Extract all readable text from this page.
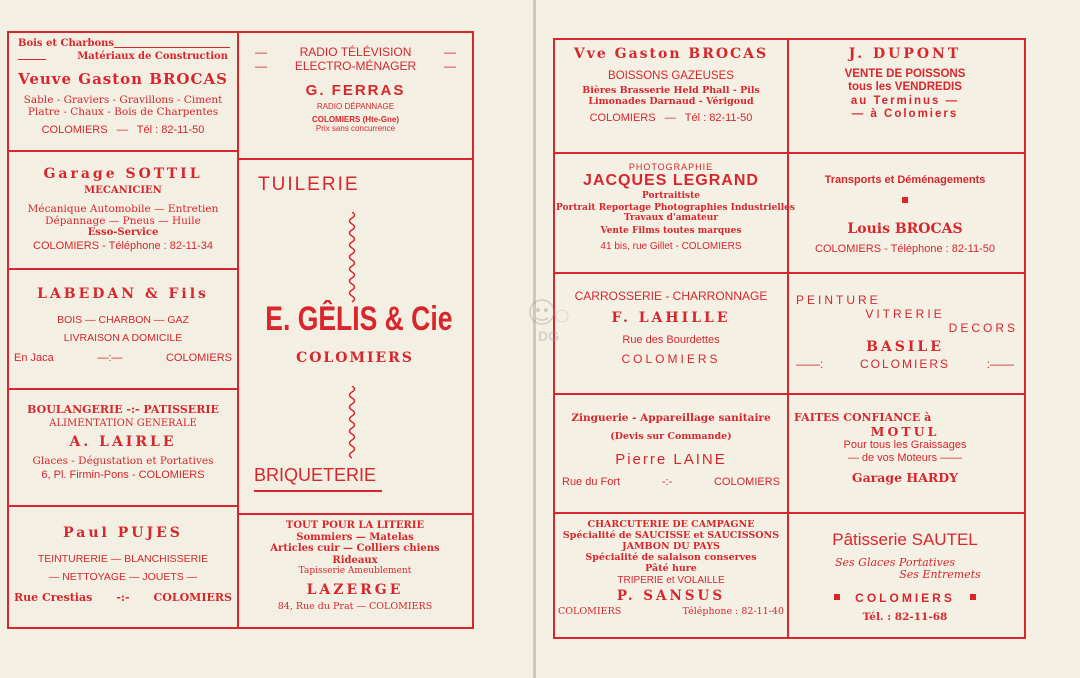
Bois et Charbons
Matériaux de Construction
Veuve Gaston BROCAS
Sable - Graviers - Gravillons - Ciment
Platre - Chaux - Bois de Charpentes
COLOMIERS   —   Tél : 82-11-50
—	RADIO TÉLÉVISION	—
— ELECTRO-MÉNAGER —
G. FERRAS
RADIO DÉPANNAGE
COLOMIERS (Hte-Gne)
Prix sans concurrence
Garage SOTTIL
MECANICIEN
Mécanique Automobile — Entretien
Dépannage — Pneus — Huile
Esso-Service
COLOMIERS - Téléphone : 82-11-34
TUILERIE
E. GÊLIS & Cie
COLOMIERS
BRIQUETERIE
LABEDAN & Fils
BOIS — CHARBON — GAZ
LIVRAISON A DOMICILE
En Jaca	—:—	COLOMIERS
BOULANGERIE -:- PATISSERIE
ALIMENTATION GENERALE
A. LAIRLE
Glaces - Dégustation et Portatives
6, Pl. Firmin-Pons - COLOMIERS
Paul PUJES
TEINTURERIE — BLANCHISSERIE
— NETTOYAGE — JOUETS —
Rue Crestias -:- COLOMIERS
TOUT POUR LA LITERIE
Sommiers — Matelas
Articles cuir — Colliers chiens
Rideaux
Tapisserie Ameublement
LAZERGE
84, Rue du Prat — COLOMIERS
Vve Gaston BROCAS
BOISSONS GAZEUSES
Bières Brasserie Held Phall - Pils
Limonades Darnaud - Vérigoud
COLOMIERS   —   Tél : 82-11-50
J. DUPONT
VENTE DE POISSONS
tous les VENDREDIS
au Terminus —
— à Colomiers
PHOTOGRAPHIE
JACQUES LEGRAND
Portraitiste
Portrait Reportage Photographies Industrielles
Travaux d'amateur
Vente Films toutes marques
41 bis, rue Gillet - COLOMIERS
Transports et Déménagements
Louis BROCAS
COLOMIERS - Téléphone : 82-11-50
CARROSSERIE - CHARRONNAGE
F. LAHILLE
Rue des Bourdettes
COLOMIERS
PEINTURE
VITRERIE
DECORS
BASILE
——:	COLOMIERS	:——
Zinguerie - Appareillage sanitaire
(Devis sur Commande)
Pierre LAINE
Rue du Fort	-:-	COLOMIERS
FAITES CONFIANCE à
MOTUL
Pour tous les Graissages
— de vos Moteurs ——
Garage HARDY
CHARCUTERIE DE CAMPAGNE
Spécialité de SAUCISSE et SAUCISSONS
JAMBON DU PAYS
Spécialité de salaison conserves
Pâté hure
TRIPERIE et VOLAILLE
P. SANSUS
COLOMIERS	Téléphone : 82-11-40
Pâtisserie SAUTEL
Ses Glaces Portatives
Ses Entremets
COLOMIERS
Tél. : 82-11-68
DG
